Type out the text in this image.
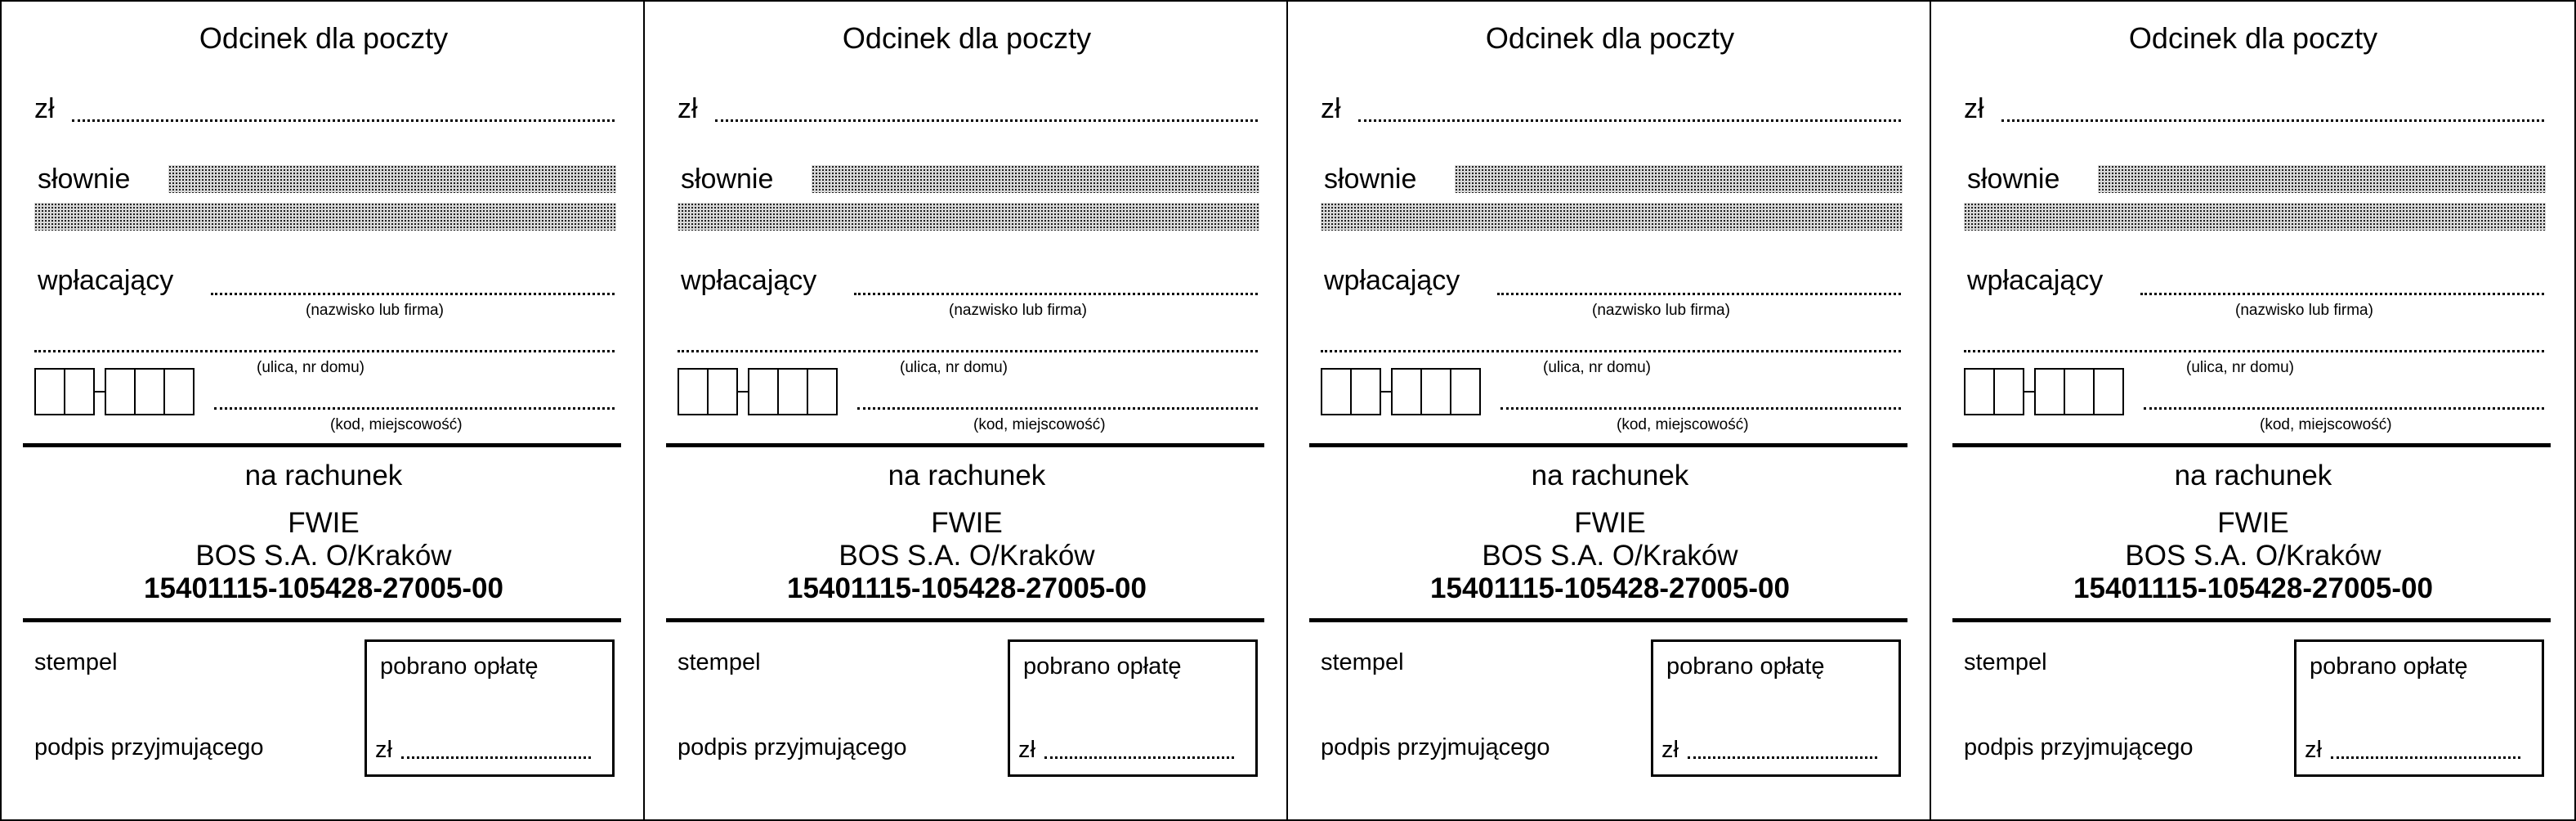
Odcinek dla poczty
zł
słownie
wpłacający
(nazwisko lub firma)
(ulica, nr domu)
(kod, miejscowość)
na rachunek
FWIE
BOS S.A. O/Kraków
15401115-105428-27005-00
stempel
podpis przyjmującego
pobrano opłatę
zł
Odcinek dla poczty
zł
słownie
wpłacający
(nazwisko lub firma)
(ulica, nr domu)
(kod, miejscowość)
na rachunek
FWIE
BOS S.A. O/Kraków
15401115-105428-27005-00
stempel
podpis przyjmującego
pobrano opłatę
zł
Odcinek dla poczty
zł
słownie
wpłacający
(nazwisko lub firma)
(ulica, nr domu)
(kod, miejscowość)
na rachunek
FWIE
BOS S.A. O/Kraków
15401115-105428-27005-00
stempel
podpis przyjmującego
pobrano opłatę
zł
Odcinek dla poczty
zł
słownie
wpłacający
(nazwisko lub firma)
(ulica, nr domu)
(kod, miejscowość)
na rachunek
FWIE
BOS S.A. O/Kraków
15401115-105428-27005-00
stempel
podpis przyjmującego
pobrano opłatę
zł
